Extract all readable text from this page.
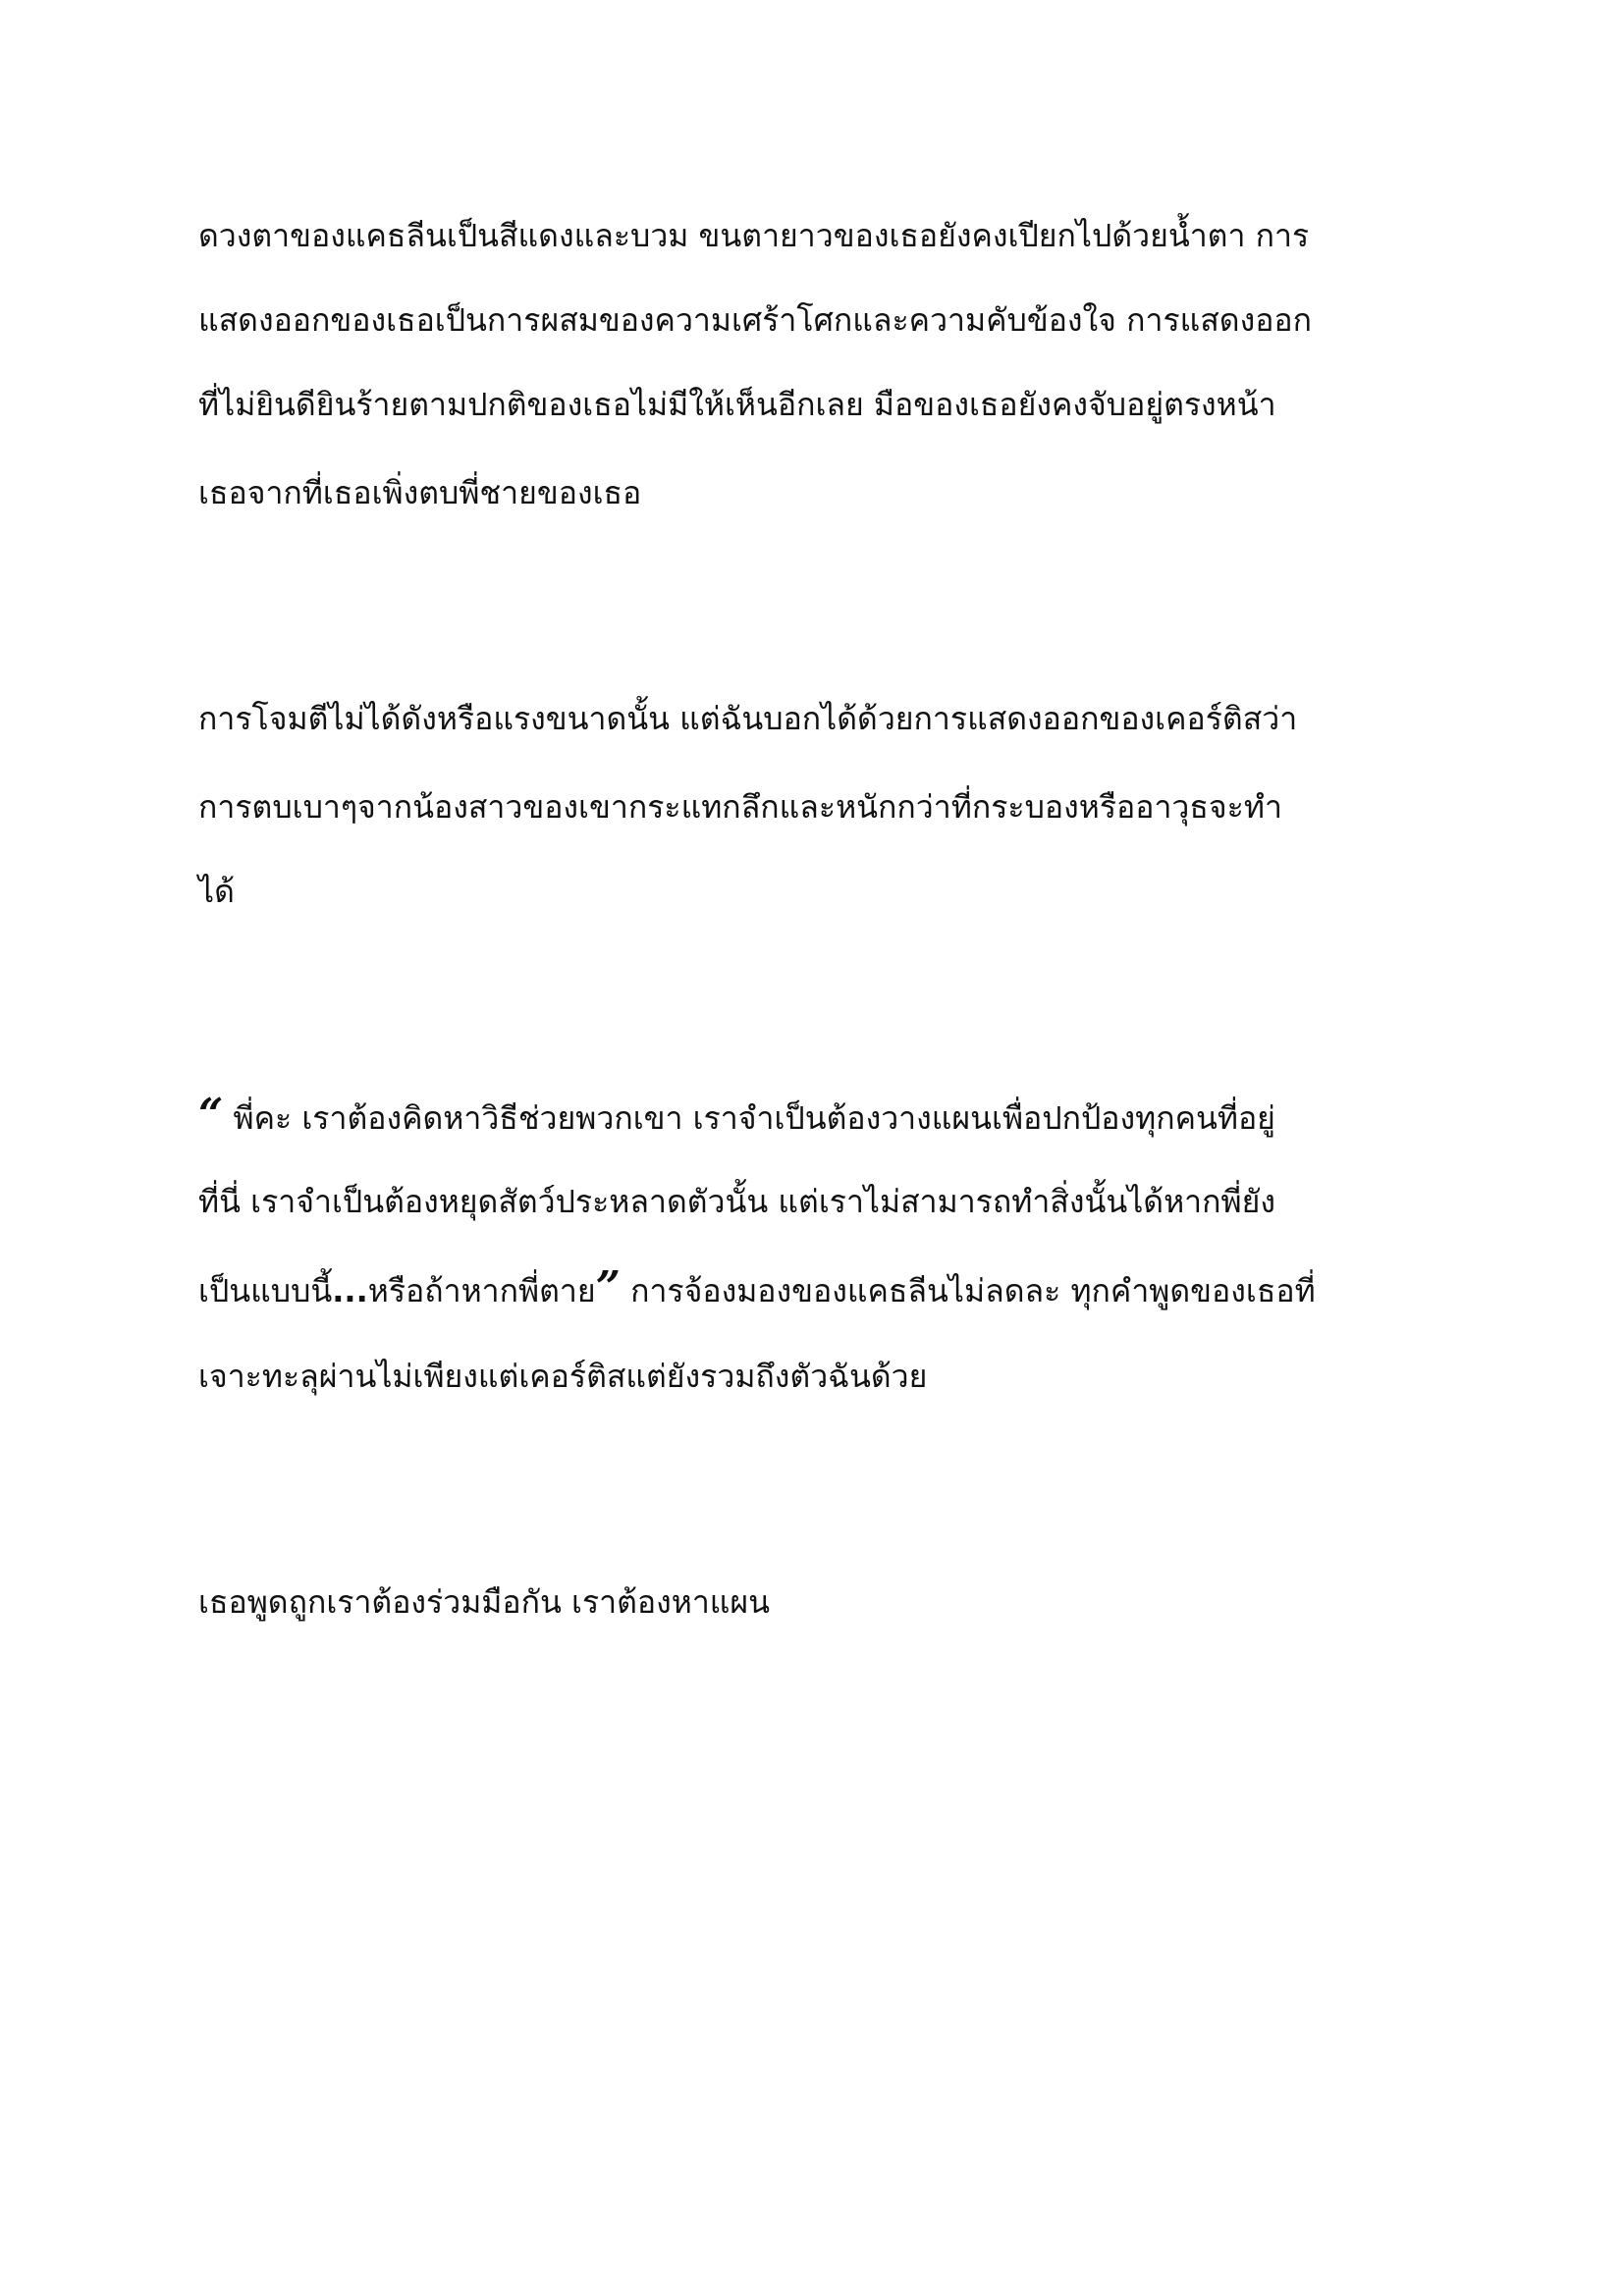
ดวงตาของแคธลีนเป็นสีแดงและบวม ขนตายาวของเธอยังคงเปียกไปด้วยน้ำตา การ
แสดงออกของเธอเป็นการผสมของความเศร้าโศกและความคับข้องใจ การแสดงออก
ที่ไม่ยินดียินร้ายตามปกติของเธอไม่มีให้เห็นอีกเลย มือของเธอยังคงจับอยู่ตรงหน้า
เธอจากที่เธอเพิ่งตบพี่ชายของเธอ
การโจมตีไม่ได้ดังหรือแรงขนาดนั้น แต่ฉันบอกได้ด้วยการแสดงออกของเคอร์ติสว่า
การตบเบาๆจากน้องสาวของเขากระแทกลึกและหนักกว่าที่กระบองหรืออาวุธจะทำ
ได้
“ พี่คะ เราต้องคิดหาวิธีช่วยพวกเขา เราจำเป็นต้องวางแผนเพื่อปกป้องทุกคนที่อยู่
ที่นี่ เราจำเป็นต้องหยุดสัตว์ประหลาดตัวนั้น แต่เราไม่สามารถทำสิ่งนั้นได้หากพี่ยัง
เป็นแบบนี้...หรือถ้าหากพี่ตาย” การจ้องมองของแคธลีนไม่ลดละ ทุกคำพูดของเธอที่
เจาะทะลุผ่านไม่เพียงแต่เคอร์ติสแต่ยังรวมถึงตัวฉันด้วย
เธอพูดถูกเราต้องร่วมมือกัน เราต้องหาแผน
